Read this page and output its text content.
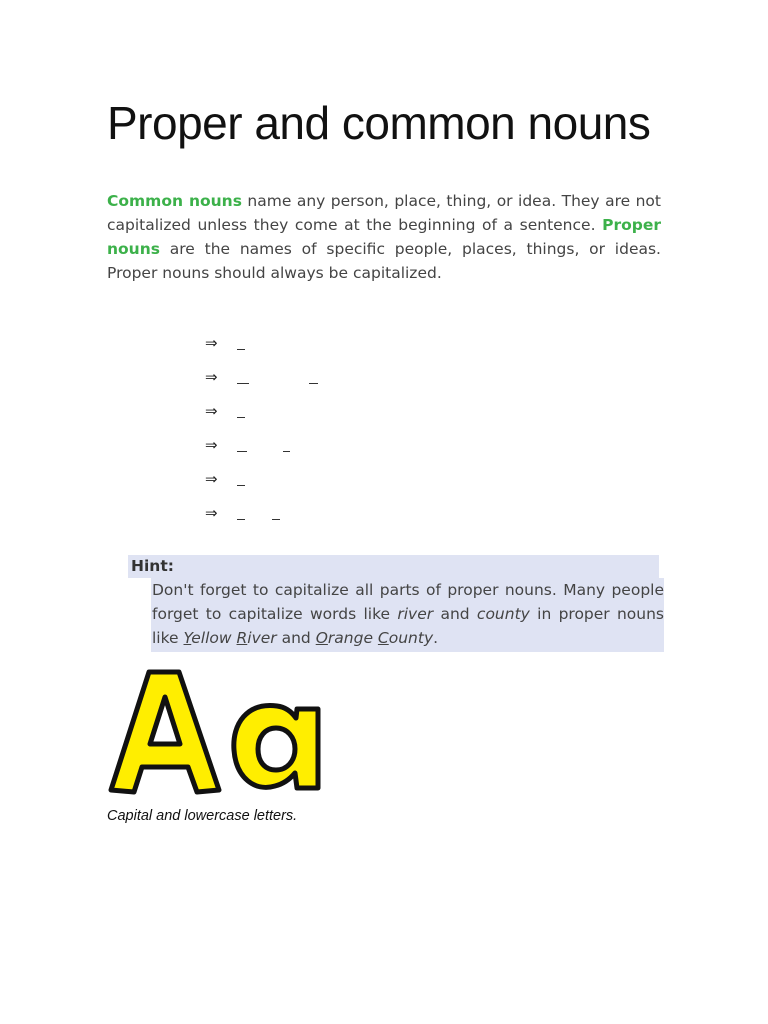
Proper and common nouns

Common nouns name any person, place, thing, or idea. They are not capitalized unless they come at the beginning of a sentence. Proper nouns are the names of specific people, places, things, or ideas. Proper nouns should always be capitalized.

⇒
⇒
⇒
⇒
⇒
⇒
Hint:

Don't forget to capitalize all parts of proper nouns. Many people forget to capitalize words like river and county in proper nouns like Yellow River and Orange County.

Capital and lowercase letters.
